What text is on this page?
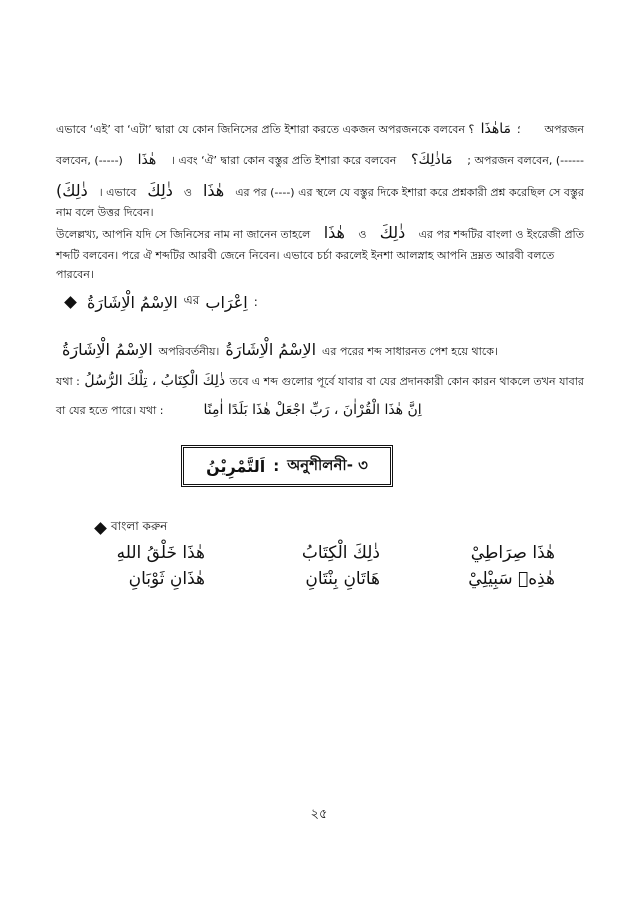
এভাবে ‘এই’ বা ‘এটা’ দ্বারা যে কোন জিনিসের প্রতি ইশারা করতে একজন অপরজনকে বলবেন ؟ مَاهٰذَا ؛ অপরজন
বলবেন, (-----) هٰذَا । এবং ‘ঐ’ দ্বারা কোন বস্তুর প্রতি ইশারা করে বলবেন مَاذٰلِكَ؟ ; অপরজন বলবেন, (------
ذٰلِكَ) । এভাবে ذٰلِكَ ও هٰذَا এর পর (----) এর স্থলে যে বস্তুর দিকে ইশারা করে প্রশ্নকারী প্রশ্ন করেছিল সে বস্তুর
নাম বলে উত্তর দিবেন।
উলেল্লখ্য, আপনি যদি সে জিনিসের নাম না জানেন তাহলে هٰذَا ও ذٰلِكَ এর পর শব্দটির বাংলা ও ইংরেজী প্রতি
শব্দটি বলবেন। পরে ঐ শব্দটির আরবী জেনে নিবেন। এভাবে চর্চা করলেই ইনশা আলস্নাহ আপনি দ্রম্নত আরবী বলতে
পারবেন।
الاِسْمُ الْاِشَارَةُ এর اِعْرَاب :
الاِسْمُ الْاِشَارَةُ অপরিবর্তনীয়। الاِسْمُ الْاِشَارَةُ এর পরের শব্দ সাধারনত পেশ হয়ে থাকে।
যথা : ذٰلِكَ الْكِتَابُ ، تِلْكَ الرُّسُلُ তবে এ শব্দ গুলোর পূর্বে যাবার বা যের প্রদানকারী কোন কারন থাকলে তখন যাবার
বা যের হতে পারে। যথা :	اِنَّ هٰذَا الْقُرْاٰنَ ، رَبِّ اجْعَلْ هٰذَا بَلَدًا اٰمِنًا
اَلتَّمْرِيْنُ : অনুশীলনী- ৩
বাংলা করুন
هٰذَا صِرَاطِيْ
ذٰلِكَ الْكِتَابُ
هٰذَا خَلْقُ اللهِ
هٰذِهٖ سَبِيْلِيْ
هَاتَانِ بِنْتَانِ
هٰذَانِ ثَوْبَانِ
২৫
